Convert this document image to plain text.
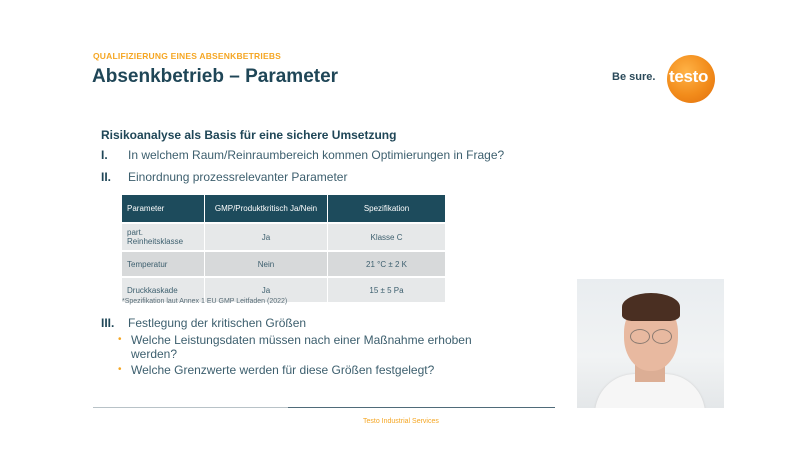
QUALIFIZIERUNG EINES ABSENKBETRIEBS
Absenkbetrieb – Parameter	Be sure. testo
Risikoanalyse als Basis für eine sichere Umsetzung
I. In welchem Raum/Reinraumbereich kommen Optimierungen in Frage?
II. Einordnung prozessrelevanter Parameter
Parameter	GMP/Produktkritisch Ja/Nein	Spezifikation
part. Reinheitsklasse	Ja	Klasse C
Temperatur	Nein	21 °C ± 2 K
Druckkaskade	Ja	15 ± 5 Pa
*Spezifikation laut Annex 1 EU GMP Leitfaden (2022)
III. Festlegung der kritischen Größen
• Welche Leistungsdaten müssen nach einer Maßnahme erhoben werden?
• Welche Grenzwerte werden für diese Größen festgelegt?
Testo Industrial Services
